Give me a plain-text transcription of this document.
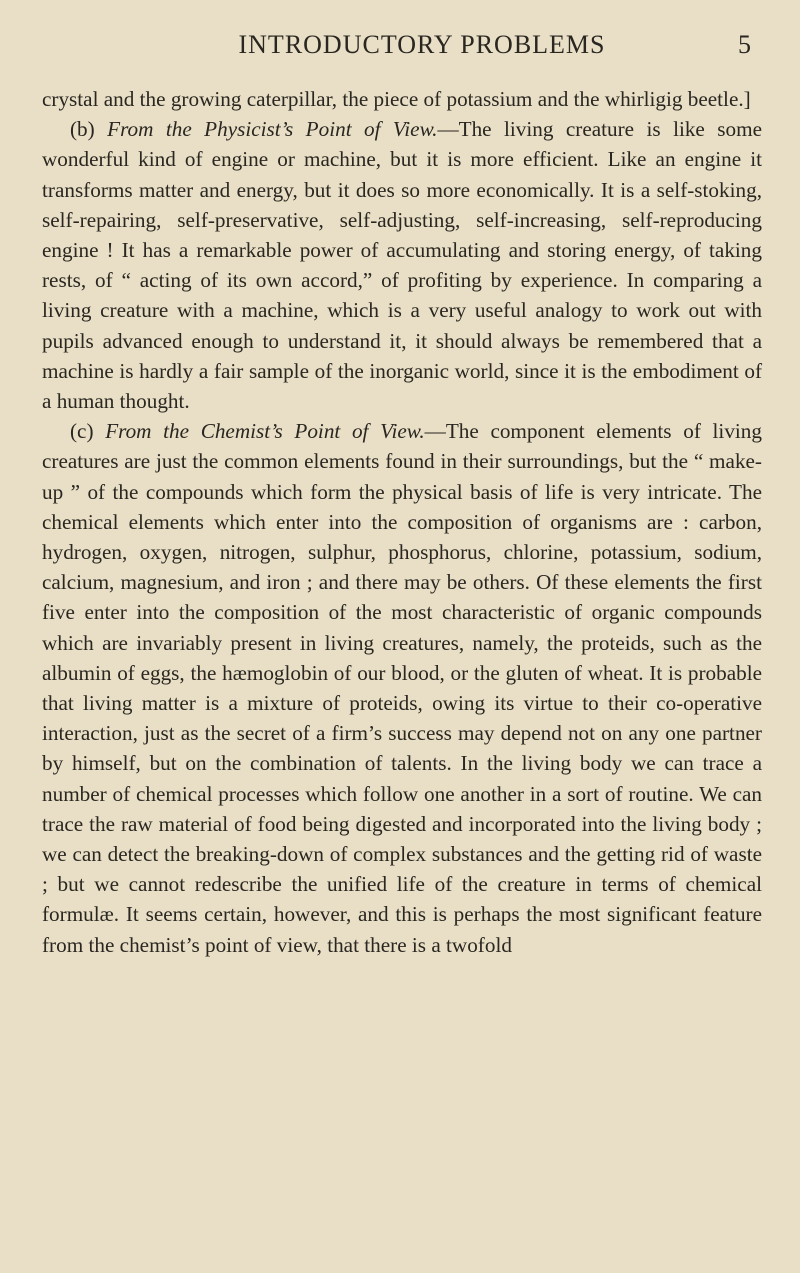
INTRODUCTORY PROBLEMS	5

crystal and the growing caterpillar, the piece of potassium and the whirligig beetle.]

(b) From the Physicist’s Point of View.—The living creature is like some wonderful kind of engine or machine, but it is more efficient. Like an engine it transforms matter and energy, but it does so more economically. It is a self-stoking, self-repairing, self-preservative, self-adjusting, self-increasing, self-reproducing engine ! It has a remarkable power of accumulating and storing energy, of taking rests, of “ acting of its own accord,” of profiting by experience. In comparing a living creature with a machine, which is a very useful analogy to work out with pupils advanced enough to understand it, it should always be remembered that a machine is hardly a fair sample of the inorganic world, since it is the embodiment of a human thought.

(c) From the Chemist’s Point of View.—The component elements of living creatures are just the common elements found in their surroundings, but the “ make-up ” of the compounds which form the physical basis of life is very intricate. The chemical elements which enter into the composition of organisms are : carbon, hydrogen, oxygen, nitrogen, sulphur, phosphorus, chlorine, potassium, sodium, calcium, magnesium, and iron ; and there may be others. Of these elements the first five enter into the composition of the most characteristic of organic compounds which are invariably present in living creatures, namely, the proteids, such as the albumin of eggs, the hæmoglobin of our blood, or the gluten of wheat. It is probable that living matter is a mixture of proteids, owing its virtue to their co-operative interaction, just as the secret of a firm’s success may depend not on any one partner by himself, but on the combination of talents. In the living body we can trace a number of chemical processes which follow one another in a sort of routine. We can trace the raw material of food being digested and incorporated into the living body ; we can detect the breaking-down of complex substances and the getting rid of waste ; but we cannot redescribe the unified life of the creature in terms of chemical formulæ. It seems certain, however, and this is perhaps the most significant feature from the chemist’s point of view, that there is a twofold
